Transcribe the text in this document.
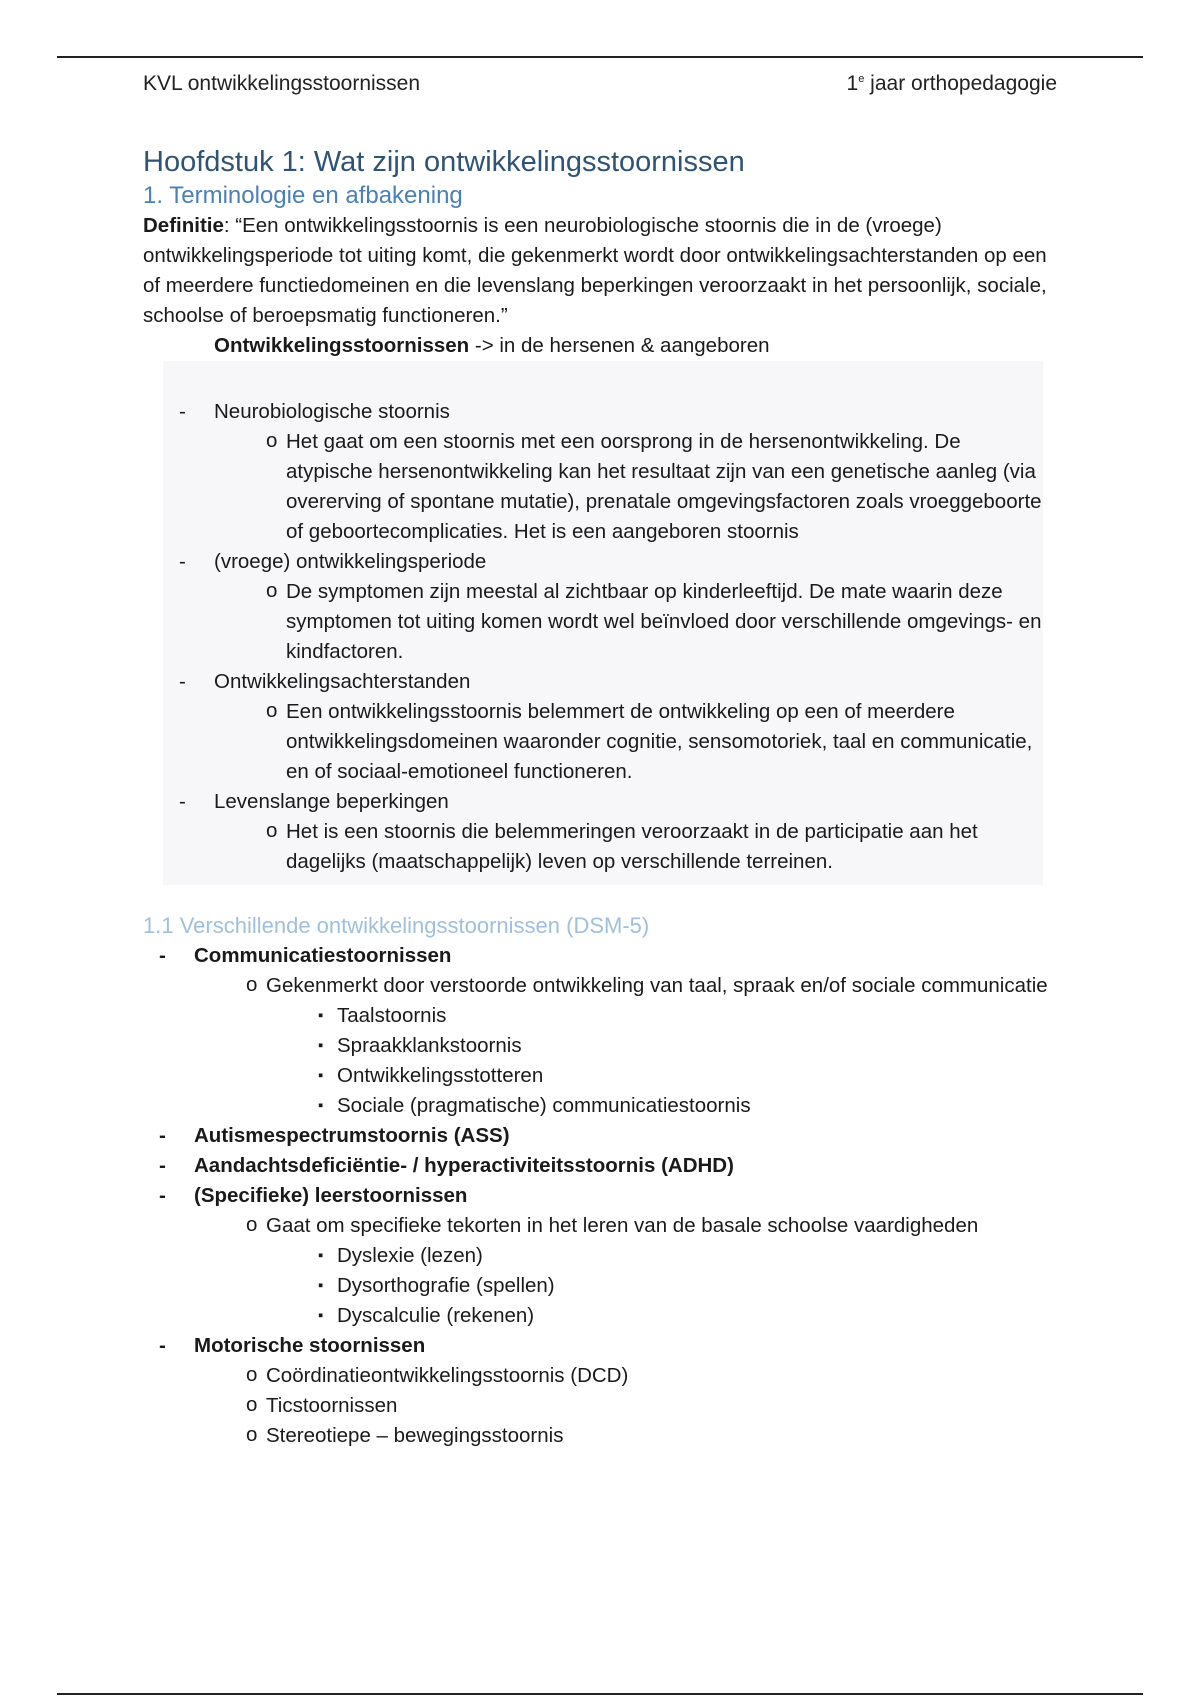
KVL ontwikkelingsstoornissen	1e jaar orthopedagogie
Hoofdstuk 1: Wat zijn ontwikkelingsstoornissen
1. Terminologie en afbakening

Definitie: “Een ontwikkelingsstoornis is een neurobiologische stoornis die in de (vroege) ontwikkelingsperiode tot uiting komt, die gekenmerkt wordt door ontwikkelingsachterstanden op een of meerdere functiedomeinen en die levenslang beperkingen veroorzaakt in het persoonlijk, sociale, schoolse of beroepsmatig functioneren.”

Ontwikkelingsstoornissen -> in de hersenen & aangeboren

- Neurobiologische stoornis
o Het gaat om een stoornis met een oorsprong in de hersenontwikkeling. De atypische hersenontwikkeling kan het resultaat zijn van een genetische aanleg (via overerving of spontane mutatie), prenatale omgevingsfactoren zoals vroeggeboorte of geboortecomplicaties. Het is een aangeboren stoornis
- (vroege) ontwikkelingsperiode
o De symptomen zijn meestal al zichtbaar op kinderleeftijd. De mate waarin deze symptomen tot uiting komen wordt wel beïnvloed door verschillende omgevings- en kindfactoren.
- Ontwikkelingsachterstanden
o Een ontwikkelingsstoornis belemmert de ontwikkeling op een of meerdere ontwikkelingsdomeinen waaronder cognitie, sensomotoriek, taal en communicatie, en of sociaal-emotioneel functioneren.
- Levenslange beperkingen
o Het is een stoornis die belemmeringen veroorzaakt in de participatie aan het dagelijks (maatschappelijk) leven op verschillende terreinen.
1.1 Verschillende ontwikkelingsstoornissen (DSM-5)
- Communicatiestoornissen
o Gekenmerkt door verstoorde ontwikkeling van taal, spraak en/of sociale communicatie
▪ Taalstoornis
▪ Spraakklankstoornis
▪ Ontwikkelingsstotteren
▪ Sociale (pragmatische) communicatiestoornis
- Autismespectrumstoornis (ASS)
- Aandachtsdeficiëntie- / hyperactiviteitsstoornis (ADHD)
- (Specifieke) leerstoornissen
o Gaat om specifieke tekorten in het leren van de basale schoolse vaardigheden
▪ Dyslexie (lezen)
▪ Dysorthografie (spellen)
▪ Dyscalculie (rekenen)
- Motorische stoornissen
o Coördinatieontwikkelingsstoornis (DCD)
o Ticstoornissen
o Stereotiepe – bewegingsstoornis
